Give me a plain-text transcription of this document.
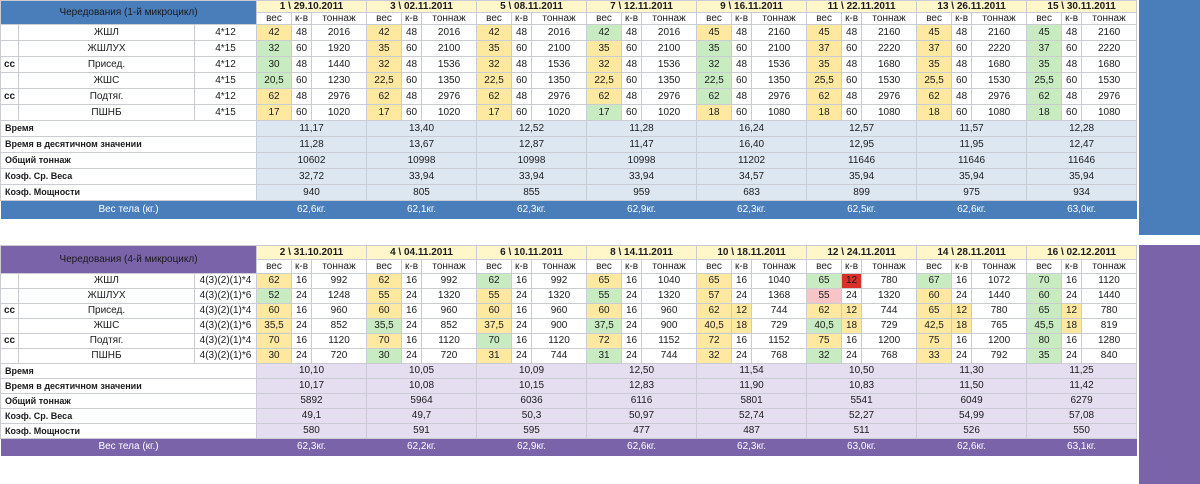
Чередования (1-й микроцикл)			1 \ 29.10.2011			3 \ 02.11.2011			5 \ 08.11.2011			7 \ 12.11.2011			9 \ 16.11.2011			11 \ 22.11.2011			13 \ 26.11.2011			15 \ 30.11.2011		
			вес	к-в	тоннаж	вес	к-в	тоннаж	вес	к-в	тоннаж	вес	к-в	тоннаж	вес	к-в	тоннаж	вес	к-в	тоннаж	вес	к-в	тоннаж	вес	к-в	тоннаж
	ЖШЛ	4*12	42	48	2016	42	48	2016	42	48	2016	42	48	2016	45	48	2160	45	48	2160	45	48	2160	45	48	2160
	ЖШЛУХ	4*15	32	60	1920	35	60	2100	35	60	2100	35	60	2100	35	60	2100	37	60	2220	37	60	2220	37	60	2220
сс	Присед.	4*12	30	48	1440	32	48	1536	32	48	1536	32	48	1536	32	48	1536	35	48	1680	35	48	1680	35	48	1680
	ЖШС	4*15	20,5	60	1230	22,5	60	1350	22,5	60	1350	22,5	60	1350	22,5	60	1350	25,5	60	1530	25,5	60	1530	25,5	60	1530
сс	Подтяг.	4*12	62	48	2976	62	48	2976	62	48	2976	62	48	2976	62	48	2976	62	48	2976	62	48	2976	62	48	2976
	ПШНБ	4*15	17	60	1020	17	60	1020	17	60	1020	17	60	1020	18	60	1080	18	60	1080	18	60	1080	18	60	1080
Время			11,17			13,40			12,52			11,28			16,24			12,57			11,57			12,28		
Время в десятичном значении			11,28			13,67			12,87			11,47			16,40			12,95			11,95			12,47		
Общий тоннаж			10602			10998			10998			10998			11202			11646			11646			11646		
Коэф. Ср. Веса			32,72			33,94			33,94			33,94			34,57			35,94			35,94			35,94		
Коэф. Мощности			940			805			855			959			683			899			975			934		
Вес тела (кг.)			62,6кг.			62,1кг.			62,3кг.			62,9кг.			62,3кг.			62,5кг.			62,6кг.			63,0кг.		
Чередования (4-й микроцикл)			2 \ 31.10.2011			4 \ 04.11.2011			6 \ 10.11.2011			8 \ 14.11.2011			10 \ 18.11.2011			12 \ 24.11.2011			14 \ 28.11.2011			16 \ 02.12.2011			
			вес	к-в	тоннаж	вес	к-в	тоннаж	вес	к-в	тоннаж	вес	к-в	тоннаж	вес	к-в	тоннаж	вес	к-в	тоннаж	вес	к-в	тоннаж	вес	к-в	тоннаж	
	ЖШЛ	4(3)(2)(1)*4	62	16	992	62	16	992	62	16	992	65	16	1040	65	16	1040	65	12	780	67	16	1072	70	16	1120	
	ЖШЛУХ	4(3)(2)(1)*6	52	24	1248	55	24	1320	55	24	1320	55	24	1320	57	24	1368	55	24	1320	60	24	1440	60	24	1440	
сс	Присед.	4(3)(2)(1)*4	60	16	960	60	16	960	60	16	960	60	16	960	62	12	744	62	12	744	65	12	780	65	12	780	
	ЖШС	4(3)(2)(1)*6	35,5	24	852	35,5	24	852	37,5	24	900	37,5	24	900	40,5	18	729	40,5	18	729	42,5	18	765	45,5	18	819	
сс	Подтяг.	4(3)(2)(1)*4	70	16	1120	70	16	1120	70	16	1120	72	16	1152	72	16	1152	75	16	1200	75	16	1200	80	16	1280	
	ПШНБ	4(3)(2)(1)*6	30	24	720	30	24	720	31	24	744	31	24	744	32	24	768	32	24	768	33	24	792	35	24	840	
Время			10,10			10,05			10,09			12,50			11,54			10,50			11,30			11,25			
Время в десятичном значении			10,17			10,08			10,15			12,83			11,90			10,83			11,50			11,42			
Общий тоннаж			5892			5964			6036			6116			5801			5541			6049			6279			
Коэф. Ср. Веса			49,1			49,7			50,3			50,97			52,74			52,27			54,99			57,08			
Коэф. Мощности			580			591			595			477			487			511			526			550			
Вес тела (кг.)			62,3кг.			62,2кг.			62,9кг.			62,6кг.			62,3кг.			63,0кг.			62,6кг.			63,1кг.			
